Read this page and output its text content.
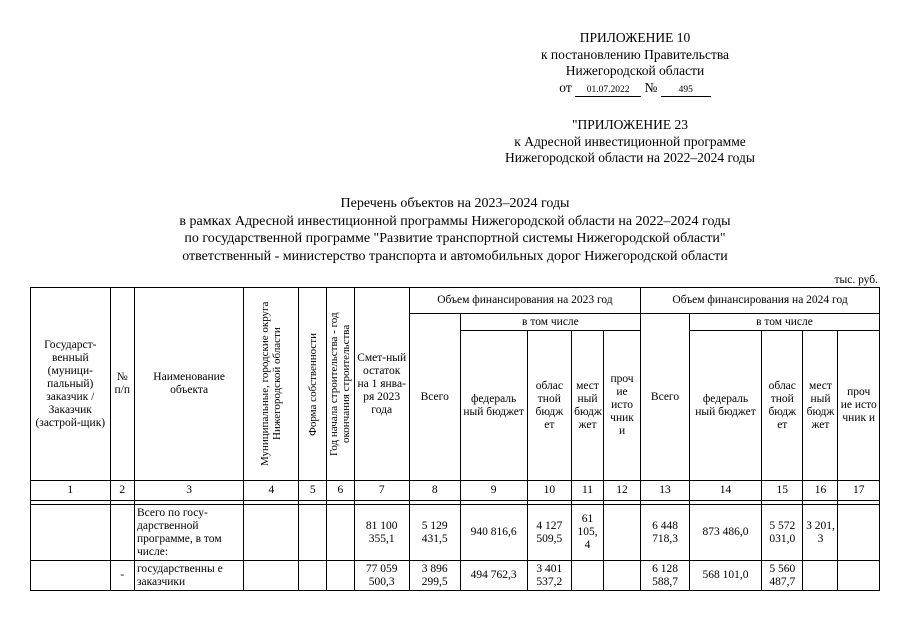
ПРИЛОЖЕНИЕ 10
к постановлению Правительства
Нижегородской области
от 01.07.2022 № 495
"ПРИЛОЖЕНИЕ 23
к Адресной инвестиционной программе
Нижегородской области на 2022–2024 годы
Перечень объектов на 2023–2024 годы
в рамках Адресной инвестиционной программы Нижегородской области на 2022–2024 годы
по государственной программе "Развитие транспортной системы Нижегородской области"
ответственный - министерство транспорта и автомобильных дорог Нижегородской области
тыс. руб.
Государст-венный (муници-пальный) заказчик / Заказчик (застрой-щик)	№ п/п	Наименование объекта	Муниципальные, городские округа Нижегородской области	Форма собственности	Год начала строительства - год окончания строительства	Смет-ный остаток на 1 янва-ря 2023 года	Объем финансирования на 2023 год					Объем финансирования на 2024 год				
							Всего	в том числе				Всего	в том числе			
								федераль ный бюджет	облас тной бюдж ет	мест ный бюдж жет	проч ие исто чник и		федераль ный бюджет	облас тной бюдж ет	мест ный бюдж жет	проч ие исто чник и
1	2	3	4	5	6	7	8	9	10	11	12	13	14	15	16	17

		Всего по госу-дарственной программе, в том числе:				81 100 355,1	5 129 431,5	940 816,6	4 127 509,5	61 105, 4		6 448 718,3	873 486,0	5 572 031,0	3 201, 3	
	-	государственны е заказчики				77 059 500,3	3 896 299,5	494 762,3	3 401 537,2			6 128 588,7	568 101,0	5 560 487,7		
